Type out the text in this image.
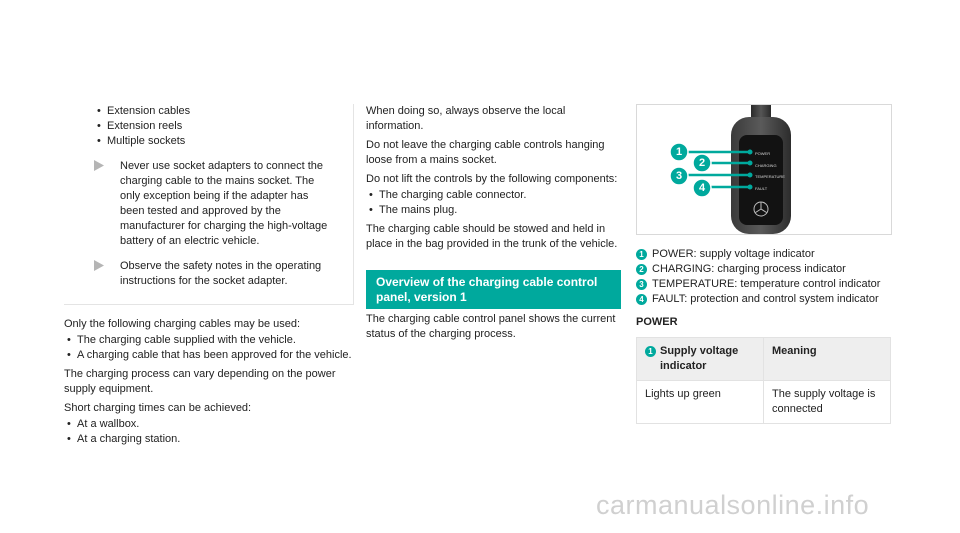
• Extension cables
• Extension reels
• Multiple sockets

Never use socket adapters to connect the charging cable to the mains socket. The only exception being if the adapter has been tested and approved by the manufacturer for charging the high-voltage battery of an electric vehicle.

Observe the safety notes in the operating instructions for the socket adapter.

Only the following charging cables may be used:

• The charging cable supplied with the vehicle.
• A charging cable that has been approved for the vehicle.

The charging process can vary depending on the power supply equipment.

Short charging times can be achieved:

• At a wallbox.
• At a charging station.

When doing so, always observe the local information.

Do not leave the charging cable controls hanging loose from a mains socket.

Do not lift the controls by the following components:

• The charging cable connector.
• The mains plug.

The charging cable should be stowed and held in place in the bag provided in the trunk of the vehicle.

Overview of the charging cable control panel, version 1

The charging cable control panel shows the current status of the charging process.

POWER
CHARGING
TEMPERATURE
FAULT
1
2
3
4
1 POWER: supply voltage indicator
2 CHARGING: charging process indicator
3 TEMPERATURE: temperature control indicator
4 FAULT: protection and control system indicator
POWER
1 Supply voltage indicator	Meaning
Lights up green	The supply voltage is connected
carmanualsonline.info
